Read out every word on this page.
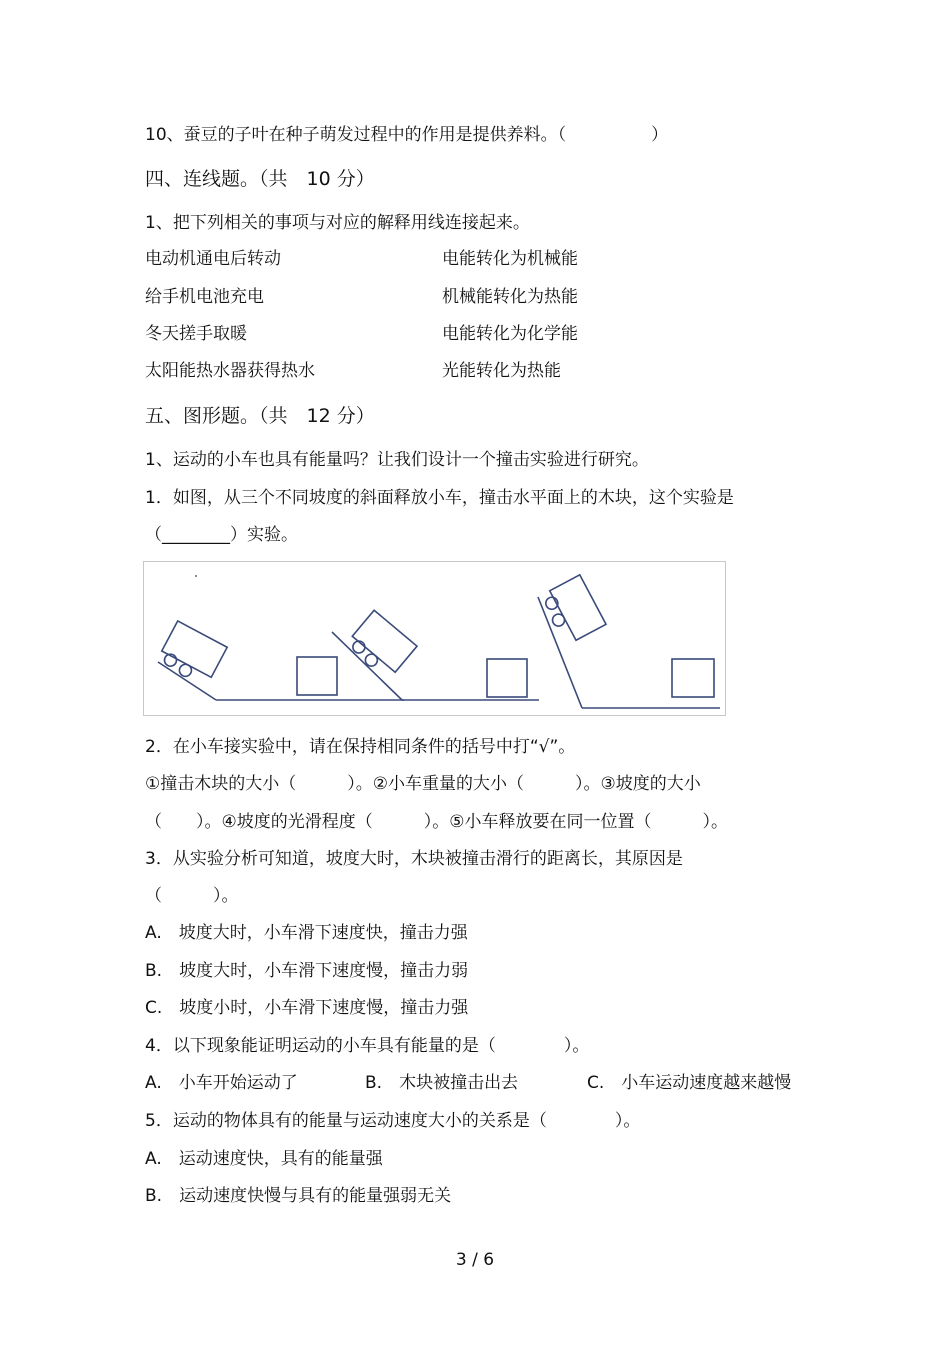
10、蚕豆的子叶在种子萌发过程中的作用是提供养料。（　　　　　）
四、连线题。（共　10 分）
1、把下列相关的事项与对应的解释用线连接起来。
电动机通电后转动	电能转化为机械能
给手机电池充电	机械能转化为热能
冬天搓手取暖	电能转化为化学能
太阳能热水器获得热水	光能转化为热能
五、图形题。（共　12 分）
1、运动的小车也具有能量吗？让我们设计一个撞击实验进行研究。
1．如图，从三个不同坡度的斜面释放小车，撞击水平面上的木块，这个实验是
（________）实验。
2．在小车接实验中，请在保持相同条件的括号中打“√”。
①撞击木块的大小（　　　）。②小车重量的大小（　　　）。③坡度的大小
（　　）。④坡度的光滑程度（　　　）。⑤小车释放要在同一位置（　　　）。
3．从实验分析可知道，坡度大时，木块被撞击滑行的距离长，其原因是
（　　　）。
A.　坡度大时，小车滑下速度快，撞击力强
B.　坡度大时，小车滑下速度慢，撞击力弱
C.　坡度小时，小车滑下速度慢，撞击力强
4．以下现象能证明运动的小车具有能量的是（　　　　）。
A.　小车开始运动了	B.　木块被撞击出去	C.　小车运动速度越来越慢
5．运动的物体具有的能量与运动速度大小的关系是（　　　　）。
A.　运动速度快，具有的能量强
B.　运动速度快慢与具有的能量强弱无关
3 / 6
